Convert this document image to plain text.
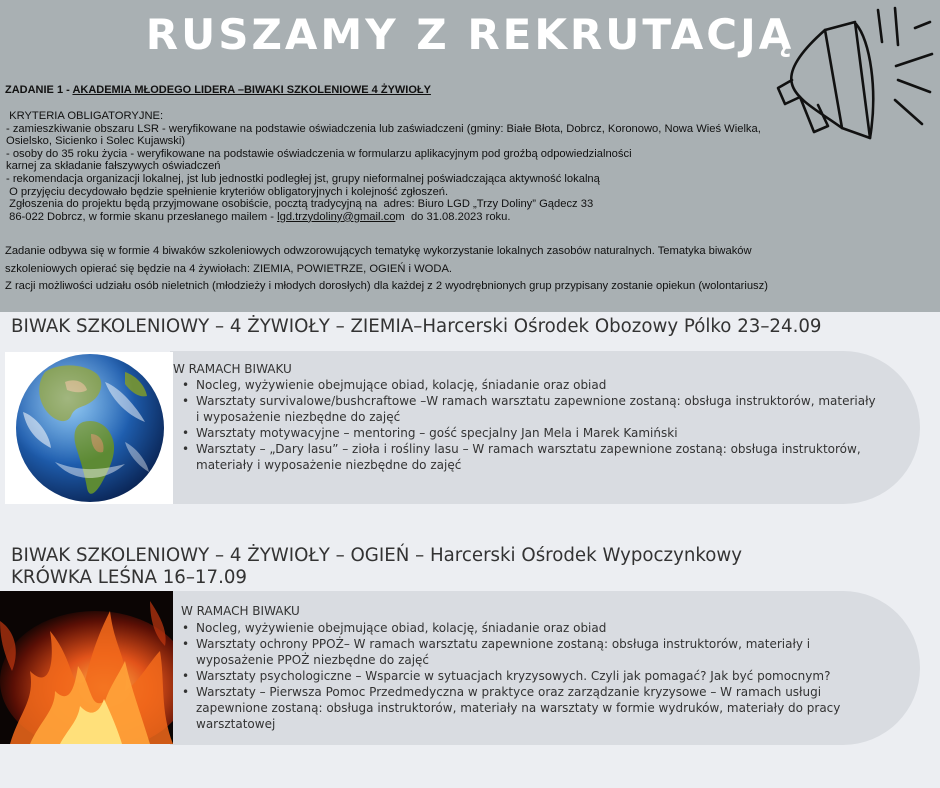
RUSZAMY Z REKRUTACJĄ
ZADANIE 1 - AKADEMIA MŁODEGO LIDERA –BIWAKI SZKOLENIOWE 4 ŻYWIOŁY
KRYTERIA OBLIGATORYJNE:
- zamieszkiwanie obszaru LSR - weryfikowane na podstawie oświadczenia lub zaświadczeni (gminy: Białe Błota, Dobrcz, Koronowo, Nowa Wieś Wielka,
Osielsko, Sicienko i Solec Kujawski)
- osoby do 35 roku życia - weryfikowane na podstawie oświadczenia w formularzu aplikacyjnym pod groźbą odpowiedzialności
karnej za składanie fałszywych oświadczeń
- rekomendacja organizacji lokalnej, jst lub jednostki podległej jst, grupy nieformalnej poświadczająca aktywność lokalną
O przyjęciu decydowało będzie spełnienie kryteriów obligatoryjnych i kolejność zgłoszeń.
Zgłoszenia do projektu będą przyjmowane osobiście, pocztą tradycyjną na  adres: Biuro LGD „Trzy Doliny” Gądecz 33
86-022 Dobrcz, w formie skanu przesłanego mailem - lgd.trzydoliny@gmail.com  do 31.08.2023 roku.
Zadanie odbywa się w formie 4 biwaków szkoleniowych odwzorowujących tematykę wykorzystanie lokalnych zasobów naturalnych. Tematyka biwaków
szkoleniowych opierać się będzie na 4 żywiołach: ZIEMIA, POWIETRZE, OGIEŃ i WODA.
Z racji możliwości udziału osób nieletnich (młodzieży i młodych dorosłych) dla każdej z 2 wyodrębnionych grup przypisany zostanie opiekun (wolontariusz)
BIWAK SZKOLENIOWY – 4 ŻYWIOŁY – ZIEMIA–Harcerski Ośrodek Obozowy Pólko 23–24.09
W RAMACH BIWAKU
• Nocleg, wyżywienie obejmujące obiad, kolację, śniadanie oraz obiad
• Warsztaty survivalowe/bushcraftowe –W ramach warsztatu zapewnione zostaną: obsługa instruktorów, materiały
i wyposażenie niezbędne do zajęć
• Warsztaty motywacyjne – mentoring – gość specjalny Jan Mela i Marek Kamiński
• Warsztaty – „Dary lasu” – zioła i rośliny lasu – W ramach warsztatu zapewnione zostaną: obsługa instruktorów,
materiały i wyposażenie niezbędne do zajęć
BIWAK SZKOLENIOWY – 4 ŻYWIOŁY – OGIEŃ – Harcerski Ośrodek Wypoczynkowy
KRÓWKA LEŚNA 16–17.09
W RAMACH BIWAKU
• Nocleg, wyżywienie obejmujące obiad, kolację, śniadanie oraz obiad
• Warsztaty ochrony PPOŻ– W ramach warsztatu zapewnione zostaną: obsługa instruktorów, materiały i
wyposażenie PPOŻ niezbędne do zajęć
• Warsztaty psychologiczne – Wsparcie w sytuacjach kryzysowych. Czyli jak pomagać? Jak być pomocnym?
• Warsztaty – Pierwsza Pomoc Przedmedyczna w praktyce oraz zarządzanie kryzysowe – W ramach usługi
zapewnione zostaną: obsługa instruktorów, materiały na warsztaty w formie wydruków, materiały do pracy
warsztatowej
